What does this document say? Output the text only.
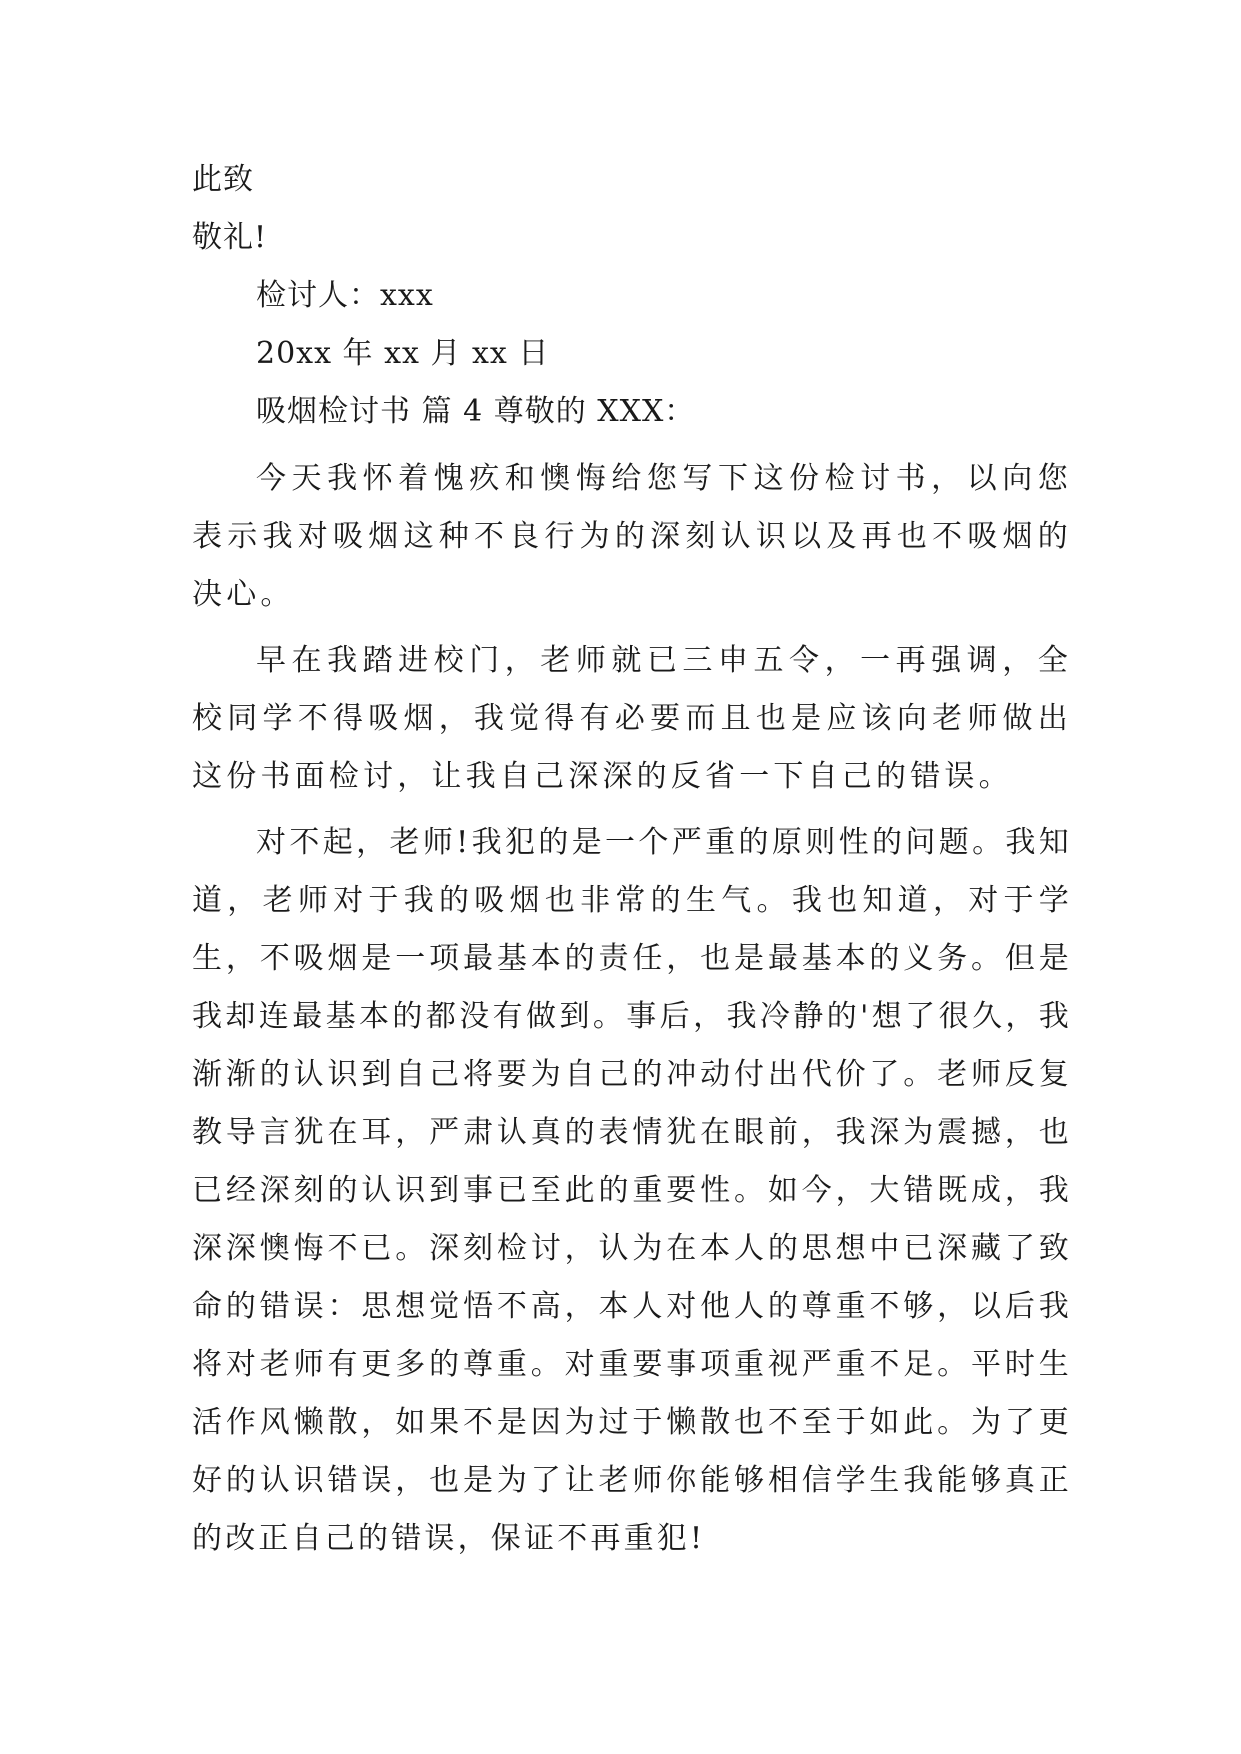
此致
敬礼!
检讨人：xxx
20xx 年 xx 月 xx 日
吸烟检讨书 篇 4 尊敬的 XXX：

今天我怀着愧疚和懊悔给您写下这份检讨书，以向您表示我对吸烟这种不良行为的深刻认识以及再也不吸烟的决心。

早在我踏进校门，老师就已三申五令，一再强调，全校同学不得吸烟，我觉得有必要而且也是应该向老师做出这份书面检讨，让我自己深深的反省一下自己的错误。

对不起，老师!我犯的是一个严重的原则性的问题。我知道，老师对于我的吸烟也非常的生气。我也知道，对于学生，不吸烟是一项最基本的责任，也是最基本的义务。但是我却连最基本的都没有做到。事后，我冷静的'想了很久，我渐渐的认识到自己将要为自己的冲动付出代价了。老师反复教导言犹在耳，严肃认真的表情犹在眼前，我深为震撼，也已经深刻的认识到事已至此的重要性。如今，大错既成，我深深懊悔不已。深刻检讨，认为在本人的思想中已深藏了致命的错误：思想觉悟不高，本人对他人的尊重不够，以后我将对老师有更多的尊重。对重要事项重视严重不足。平时生活作风懒散，如果不是因为过于懒散也不至于如此。为了更好的认识错误，也是为了让老师你能够相信学生我能够真正的改正自己的错误，保证不再重犯!
